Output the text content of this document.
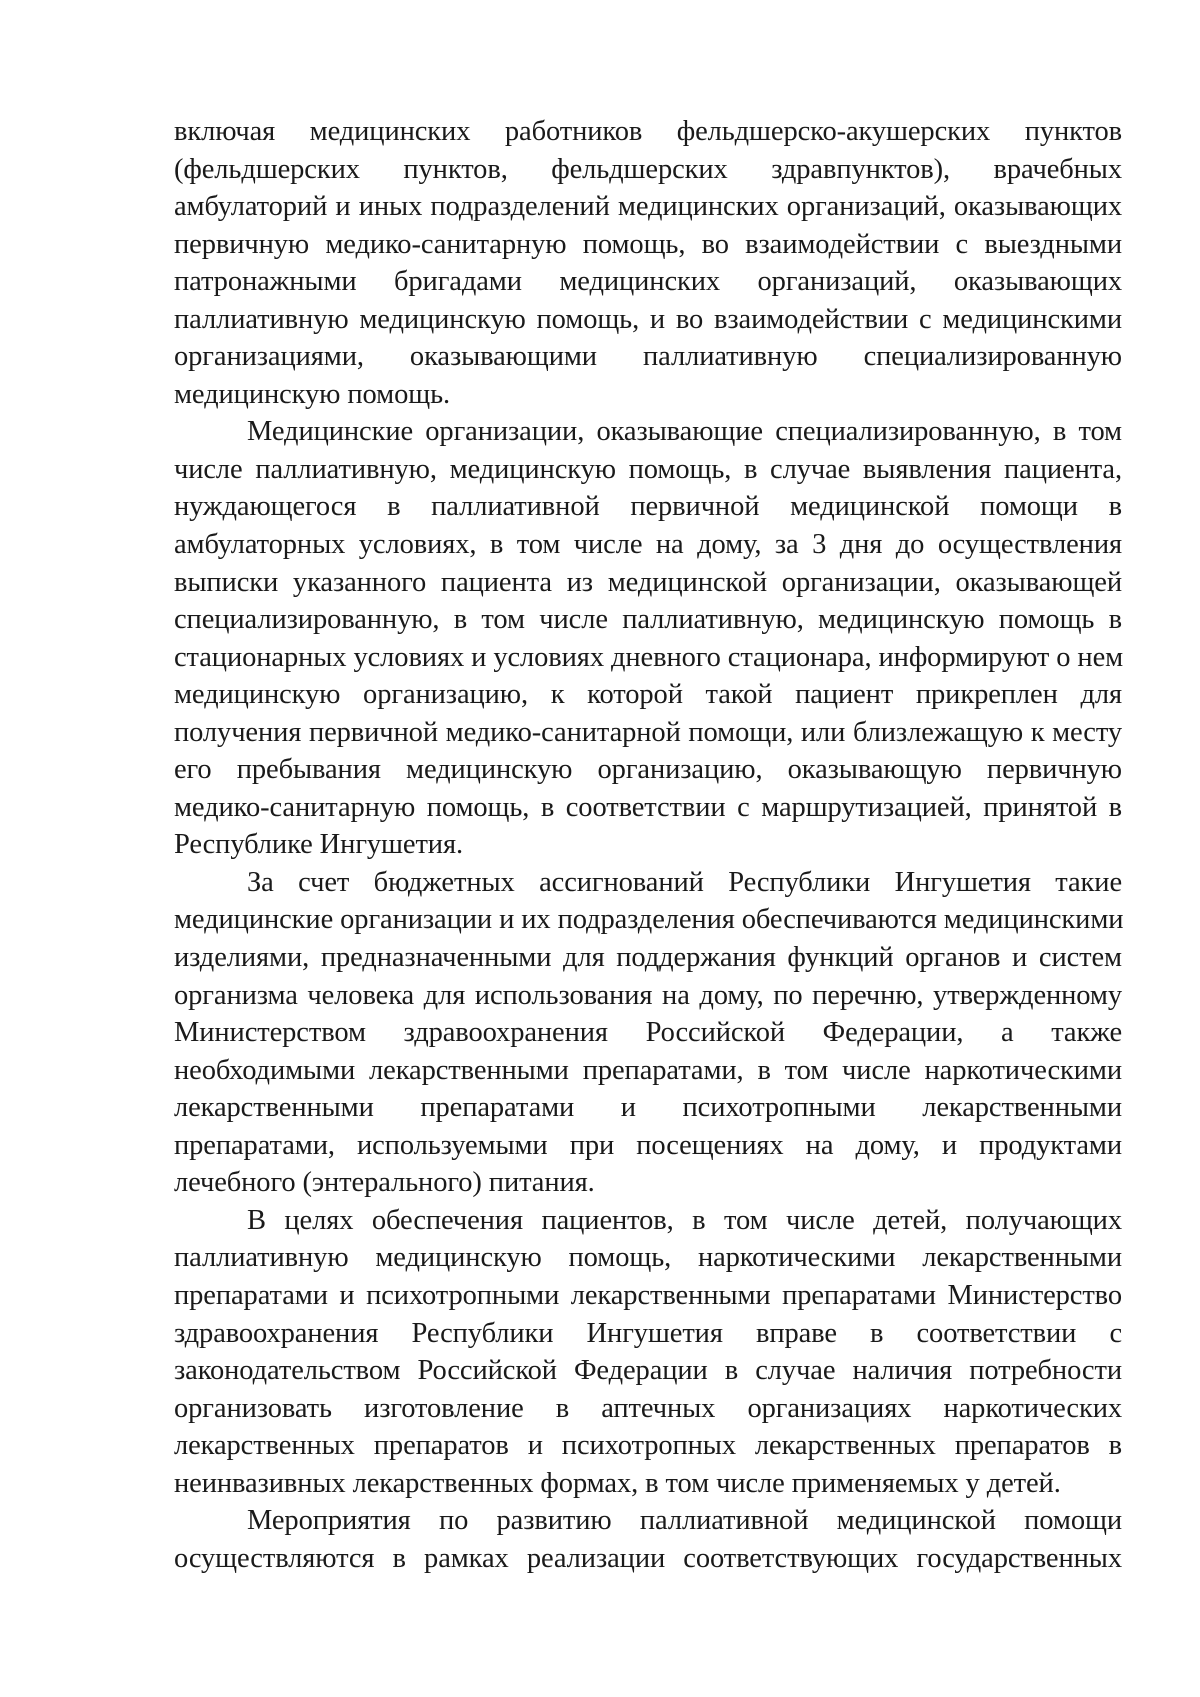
включая медицинских работников фельдшерско-акушерских пунктов
(фельдшерских пунктов, фельдшерских здравпунктов), врачебных
амбулаторий и иных подразделений медицинских организаций, оказывающих
первичную медико-санитарную помощь, во взаимодействии с выездными
патронажными бригадами медицинских организаций, оказывающих
паллиативную медицинскую помощь, и во взаимодействии с медицинскими
организациями, оказывающими паллиативную специализированную
медицинскую помощь.
Медицинские организации, оказывающие специализированную, в том
числе паллиативную, медицинскую помощь, в случае выявления пациента,
нуждающегося в паллиативной первичной медицинской помощи в
амбулаторных условиях, в том числе на дому, за 3 дня до осуществления
выписки указанного пациента из медицинской организации, оказывающей
специализированную, в том числе паллиативную, медицинскую помощь в
стационарных условиях и условиях дневного стационара, информируют о нем
медицинскую организацию, к которой такой пациент прикреплен для
получения первичной медико-санитарной помощи, или близлежащую к месту
его пребывания медицинскую организацию, оказывающую первичную
медико-санитарную помощь, в соответствии с маршрутизацией, принятой в
Республике Ингушетия.
За счет бюджетных ассигнований Республики Ингушетия такие
медицинские организации и их подразделения обеспечиваются медицинскими
изделиями, предназначенными для поддержания функций органов и систем
организма человека для использования на дому, по перечню, утвержденному
Министерством здравоохранения Российской Федерации, а также
необходимыми лекарственными препаратами, в том числе наркотическими
лекарственными препаратами и психотропными лекарственными
препаратами, используемыми при посещениях на дому, и продуктами
лечебного (энтерального) питания.
В целях обеспечения пациентов, в том числе детей, получающих
паллиативную медицинскую помощь, наркотическими лекарственными
препаратами и психотропными лекарственными препаратами Министерство
здравоохранения Республики Ингушетия вправе в соответствии с
законодательством Российской Федерации в случае наличия потребности
организовать изготовление в аптечных организациях наркотических
лекарственных препаратов и психотропных лекарственных препаратов в
неинвазивных лекарственных формах, в том числе применяемых у детей.
Мероприятия по развитию паллиативной медицинской помощи
осуществляются в рамках реализации соответствующих государственных
